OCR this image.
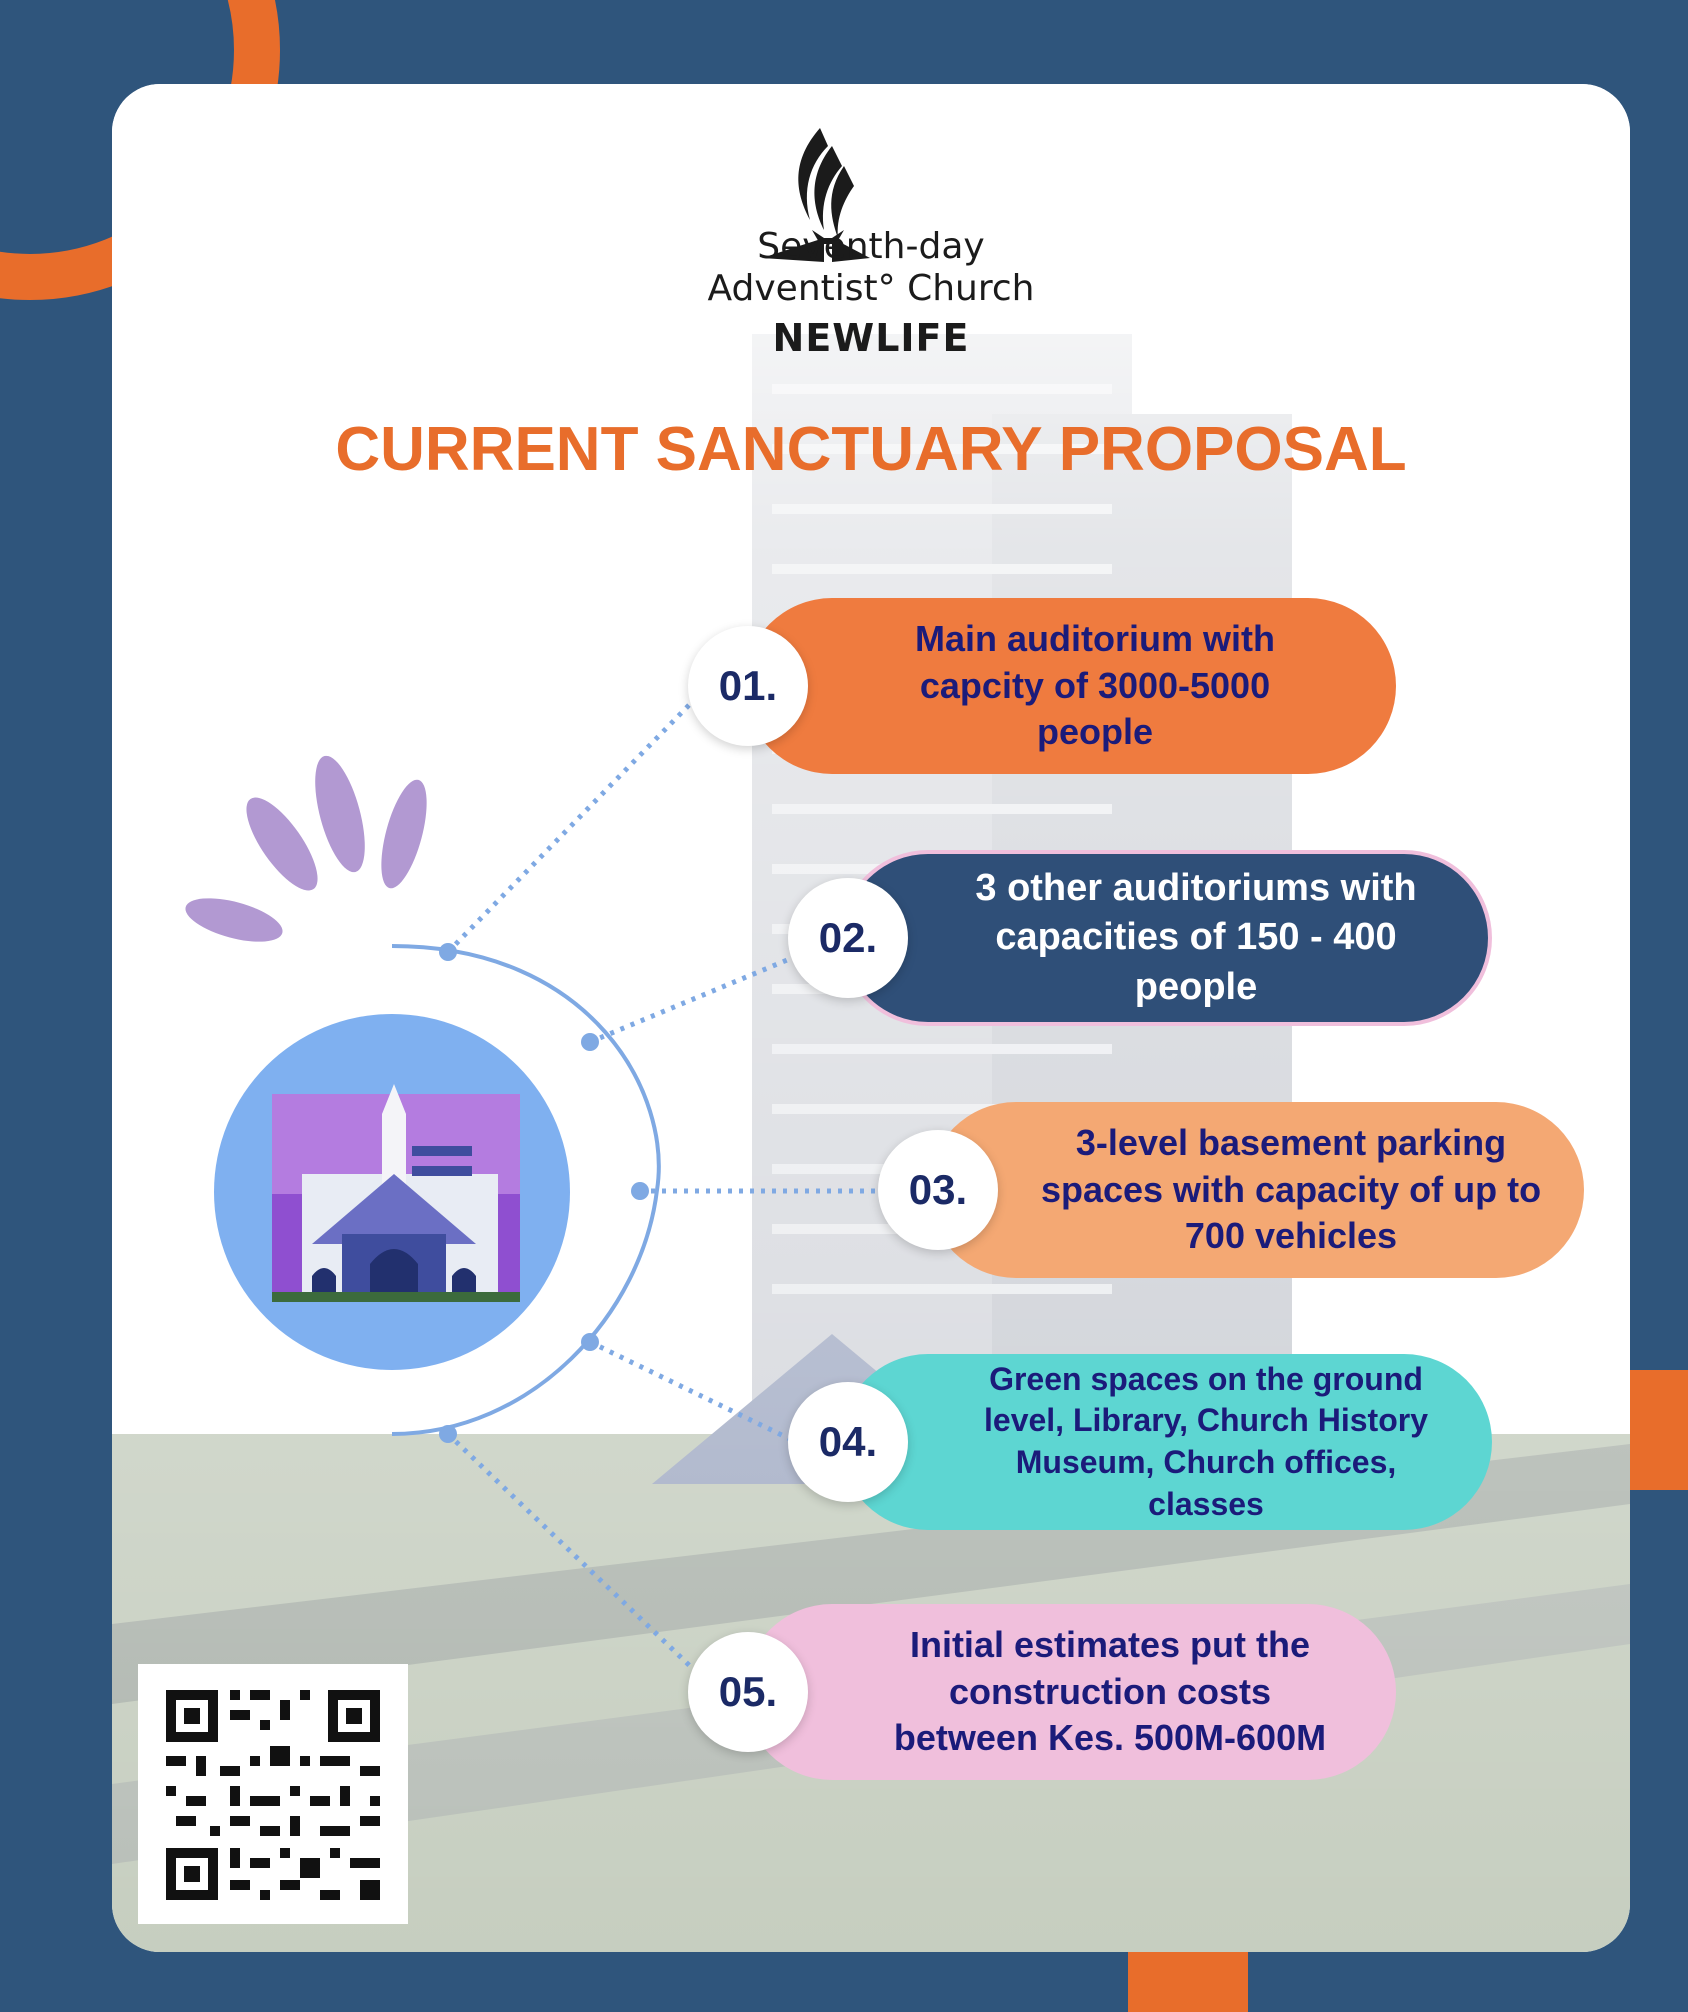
Seventh-day
Adventist° Church
NEWLIFE
CURRENT SANCTUARY PROPOSAL
Main auditorium with capcity of 3000-5000 people
01.
3 other auditoriums with capacities of 150 - 400 people
02.
3-level basement parking spaces with capacity of up to 700 vehicles
03.
Green spaces on the ground level, Library, Church History Museum, Church offices, classes
04.
Initial estimates put the construction costs between Kes. 500M-600M
05.
